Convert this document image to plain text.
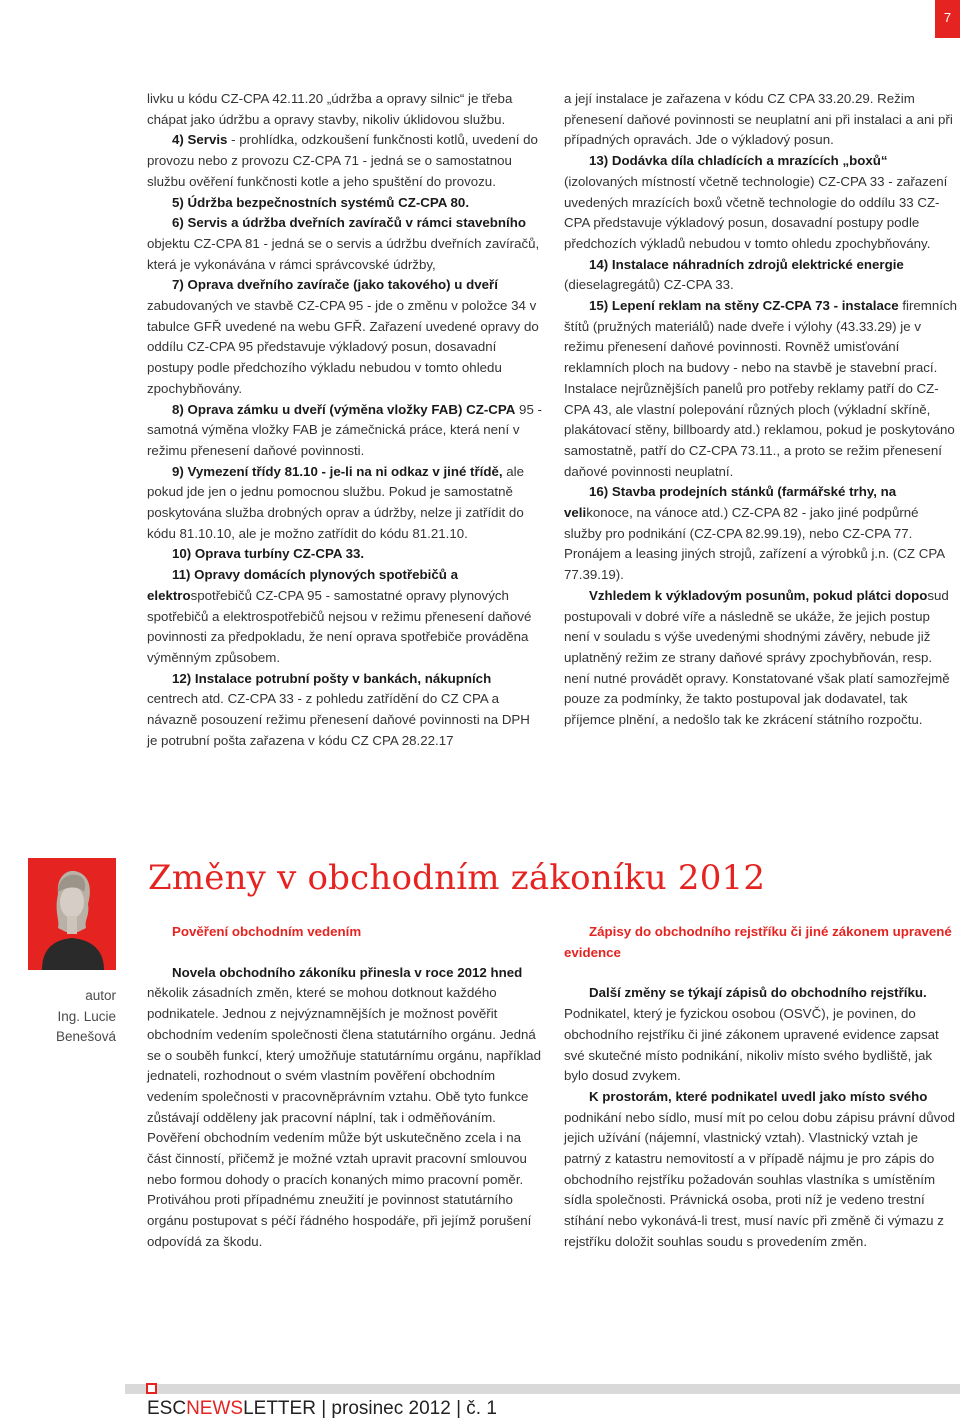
7

livku u kódu CZ-CPA 42.11.20 „údržba a opravy silnic“ je třeba chápat jako údržbu a opravy stavby, nikoliv úklidovou službu.

4) Servis - prohlídka, odzkoušení funkčnosti kotlů, uvedení do provozu nebo z provozu CZ-CPA 71 - jedná se o samostatnou službu ověření funkčnosti kotle a jeho spuštění do provozu.

5) Údržba bezpečnostních systémů CZ-CPA 80.

6) Servis a údržba dveřních zavíračů v rámci stavebního objektu CZ-CPA 81 - jedná se o servis a údržbu dveřních zavíračů, která je vykonávána v rámci správcovské údržby,

7) Oprava dveřního zavírače (jako takového) u dveří zabudovaných ve stavbě CZ-CPA 95 - jde o změnu v položce 34 v tabulce GFŘ uvedené na webu GFŘ. Zařazení uvedené opravy do oddílu CZ-CPA 95 představuje výkladový posun, dosavadní postupy podle předchozího výkladu nebudou v tomto ohledu zpochybňovány.

8) Oprava zámku u dveří (výměna vložky FAB) CZ-CPA 95 - samotná výměna vložky FAB je zámečnická práce, která není v režimu přenesení daňové povinnosti.

9) Vymezení třídy 81.10 - je-li na ni odkaz v jiné třídě, ale pokud jde jen o jednu pomocnou službu. Pokud je samostatně poskytována služba drobných oprav a údržby, nelze ji zatřídit do kódu 81.10.10, ale je možno zatřídit do kódu 81.21.10.

10) Oprava turbíny CZ-CPA 33.

11) Opravy domácích plynových spotřebičů a elektrospotřebičů CZ-CPA 95 - samostatné opravy plynových spotřebičů a elektrospotřebičů nejsou v režimu přenesení daňové povinnosti za předpokladu, že není oprava spotřebiče prováděna výměnným způsobem.

12) Instalace potrubní pošty v bankách, nákupních centrech atd. CZ-CPA 33 - z pohledu zatřídění do CZ CPA a návazně posouzení režimu přenesení daňové povinnosti na DPH je potrubní pošta zařazena v kódu CZ CPA 28.22.17

a její instalace je zařazena v kódu CZ CPA 33.20.29. Režim přenesení daňové povinnosti se neuplatní ani při instalaci a ani při případných opravách. Jde o výkladový posun.

13) Dodávka díla chladících a mrazících „boxů“ (izolovaných místností včetně technologie) CZ-CPA 33 - zařazení uvedených mrazících boxů včetně technologie do oddílu 33 CZ-CPA představuje výkladový posun, dosavadní postupy podle předchozích výkladů nebudou v tomto ohledu zpochybňovány.

14) Instalace náhradních zdrojů elektrické energie (dieselagregátů) CZ-CPA 33.

15) Lepení reklam na stěny CZ-CPA 73 - instalace firemních štítů (pružných materiálů) nade dveře i výlohy (43.33.29) je v režimu přenesení daňové povinnosti. Rovněž umisťování reklamních ploch na budovy - nebo na stavbě je stavební prací. Instalace nejrůznějších panelů pro potřeby reklamy patří do CZ-CPA 43, ale vlastní polepování různých ploch (výkladní skříně, plakátovací stěny, billboardy atd.) reklamou, pokud je poskytováno samostatně, patří do CZ-CPA 73.11., a proto se režim přenesení daňové povinnosti neuplatní.

16) Stavba prodejních stánků (farmářské trhy, na velikonoce, na vánoce atd.) CZ-CPA 82 - jako jiné podpůrné služby pro podnikání (CZ-CPA 82.99.19), nebo CZ-CPA 77. Pronájem a leasing jiných strojů, zařízení a výrobků j.n. (CZ CPA 77.39.19).

Vzhledem k výkladovým posunům, pokud plátci doposud postupovali v dobré víře a následně se ukáže, že jejich postup není v souladu s výše uvedenými shodnými závěry, nebude již uplatněný režim ze strany daňové správy zpochybňován, resp. není nutné provádět opravy. Konstatované však platí samozřejmě pouze za podmínky, že takto postupoval jak dodavatel, tak příjemce plnění, a nedošlo tak ke zkrácení státního rozpočtu.

autor
Ing. Lucie
Benešová
Změny v obchodním zákoníku 2012

Pověření obchodním vedením

Novela obchodního zákoníku přinesla v roce 2012 hned několik zásadních změn, které se mohou dotknout každého podnikatele. Jednou z nejvýznamnějších je možnost pověřit obchodním vedením společnosti člena statutárního orgánu. Jedná se o souběh funkcí, který umožňuje statutárnímu orgánu, například jednateli, rozhodnout o svém vlastním pověření obchodním vedením společnosti v pracovněprávním vztahu. Obě tyto funkce zůstávají odděleny jak pracovní náplní, tak i odměňováním. Pověření obchodním vedením může být uskutečněno zcela i na část činností, přičemž je možné vztah upravit pracovní smlouvou nebo formou dohody o pracích konaných mimo pracovní poměr. Protiváhou proti případnému zneužití je povinnost statutárního orgánu postupovat s péčí řádného hospodáře, při jejímž porušení odpovídá za škodu.

Zápisy do obchodního rejstříku či jiné zákonem upravené evidence

Další změny se týkají zápisů do obchodního rejstříku. Podnikatel, který je fyzickou osobou (OSVČ), je povinen, do obchodního rejstříku či jiné zákonem upravené evidence zapsat své skutečné místo podnikání, nikoliv místo svého bydliště, jak bylo dosud zvykem.

K prostorám, které podnikatel uvedl jako místo svého podnikání nebo sídlo, musí mít po celou dobu zápisu právní důvod jejich užívání (nájemní, vlastnický vztah). Vlastnický vztah je patrný z katastru nemovitostí a v případě nájmu je pro zápis do obchodního rejstříku požadován souhlas vlastníka s umístěním sídla společnosti. Právnická osoba, proti níž je vedeno trestní stíhání nebo vykonává-li trest, musí navíc při změně či výmazu z rejstříku doložit souhlas soudu s provedením změn.

ESCNEWSLETTER | prosinec 2012 | č. 1
